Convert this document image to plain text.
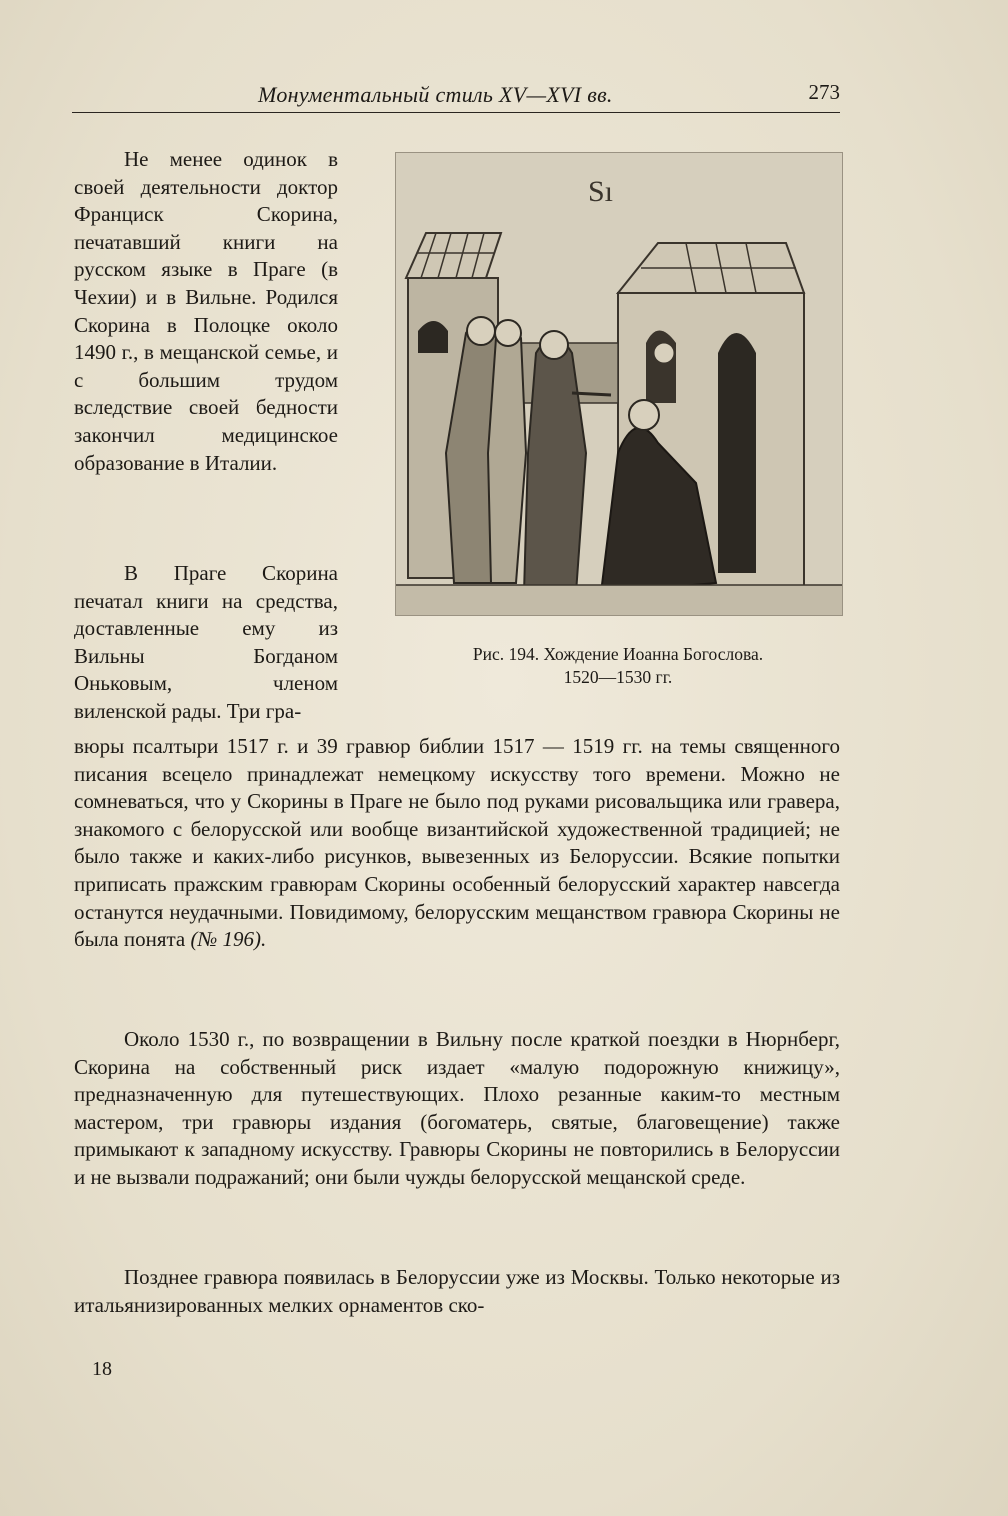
Монументальный стиль XV—XVI вв.	273
Sı
Рис. 194. Хождение Иоанна Богослова.
1520—1530 гг.

Не менее одинок в своей деятельности доктор Франциск Скорина, печатавший книги на русском языке в Праге (в Чехии) и в Вильне. Родился Скорина в Полоцке около 1490 г., в мещанской семье, и с большим трудом вследствие своей бедности закончил медицинское образование в Италии.

В Праге Скорина печатал книги на средства, доставленные ему из Вильны Богданом Оньковым, членом виленской рады. Три гра-

вюры псалтыри 1517 г. и 39 гравюр библии 1517 — 1519 гг. на темы священного писания всецело принадлежат немецкому искусству того времени. Можно не сомневаться, что у Скорины в Праге не было под руками рисовальщика или гравера, знакомого с белорусской или вообще византийской художественной традицией; не было также и каких-либо рисунков, вывезенных из Белоруссии. Всякие попытки приписать пражским гравюрам Скорины особенный белорусский характер навсегда останутся неудачными. Повидимому, белорусским мещанством гравюра Скорины не была понята (№ 196).

Около 1530 г., по возвращении в Вильну после краткой поездки в Нюрнберг, Скорина на собственный риск издает «малую подорожную книжицу», предназначенную для путешествующих. Плохо резанные каким-то местным мастером, три гравюры издания (богоматерь, святые, благовещение) также примыкают к западному искусству. Гравюры Скорины не повторились в Белоруссии и не вызвали подражаний; они были чужды белорусской мещанской среде.

Позднее гравюра появилась в Белоруссии уже из Москвы. Только некоторые из итальянизированных мелких орнаментов ско-

18
